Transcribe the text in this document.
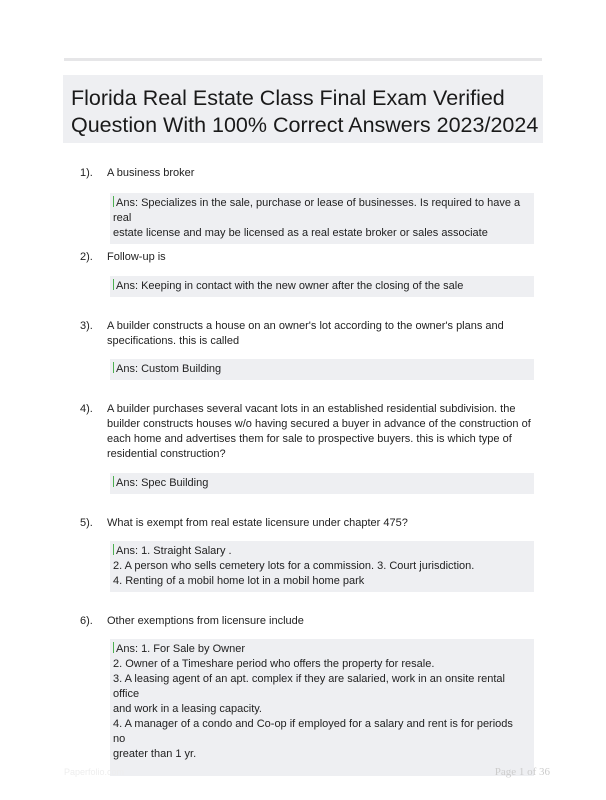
Florida Real Estate Class Final Exam Verified
Question With 100% Correct Answers 2023/2024
1). A business broker
Ans: Specializes in the sale, purchase or lease of businesses. Is required to have a real
estate license and may be licensed as a real estate broker or sales associate
2). Follow-up is
Ans: Keeping in contact with the new owner after the closing of the sale
3). A builder constructs a house on an owner's lot according to the owner's plans and
specifications. this is called
Ans: Custom Building
4). A builder purchases several vacant lots in an established residential subdivision. the
builder constructs houses w/o having secured a buyer in advance of the construction of
each home and advertises them for sale to prospective buyers. this is which type of
residential construction?
Ans: Spec Building
5). What is exempt from real estate licensure under chapter 475?
Ans: 1. Straight Salary .
2. A person who sells cemetery lots for a commission. 3. Court jurisdiction.
4. Renting of a mobil home lot in a mobil home park
6). Other exemptions from licensure include
Ans: 1. For Sale by Owner
2. Owner of a Timeshare period who offers the property for resale.
3. A leasing agent of an apt. complex if they are salaried, work in an onsite rental office
and work in a leasing capacity.
4. A manager of a condo and Co-op if employed for a salary and rent is for periods no
greater than 1 yr.
Paperfolio.com	Page 1 of 36
